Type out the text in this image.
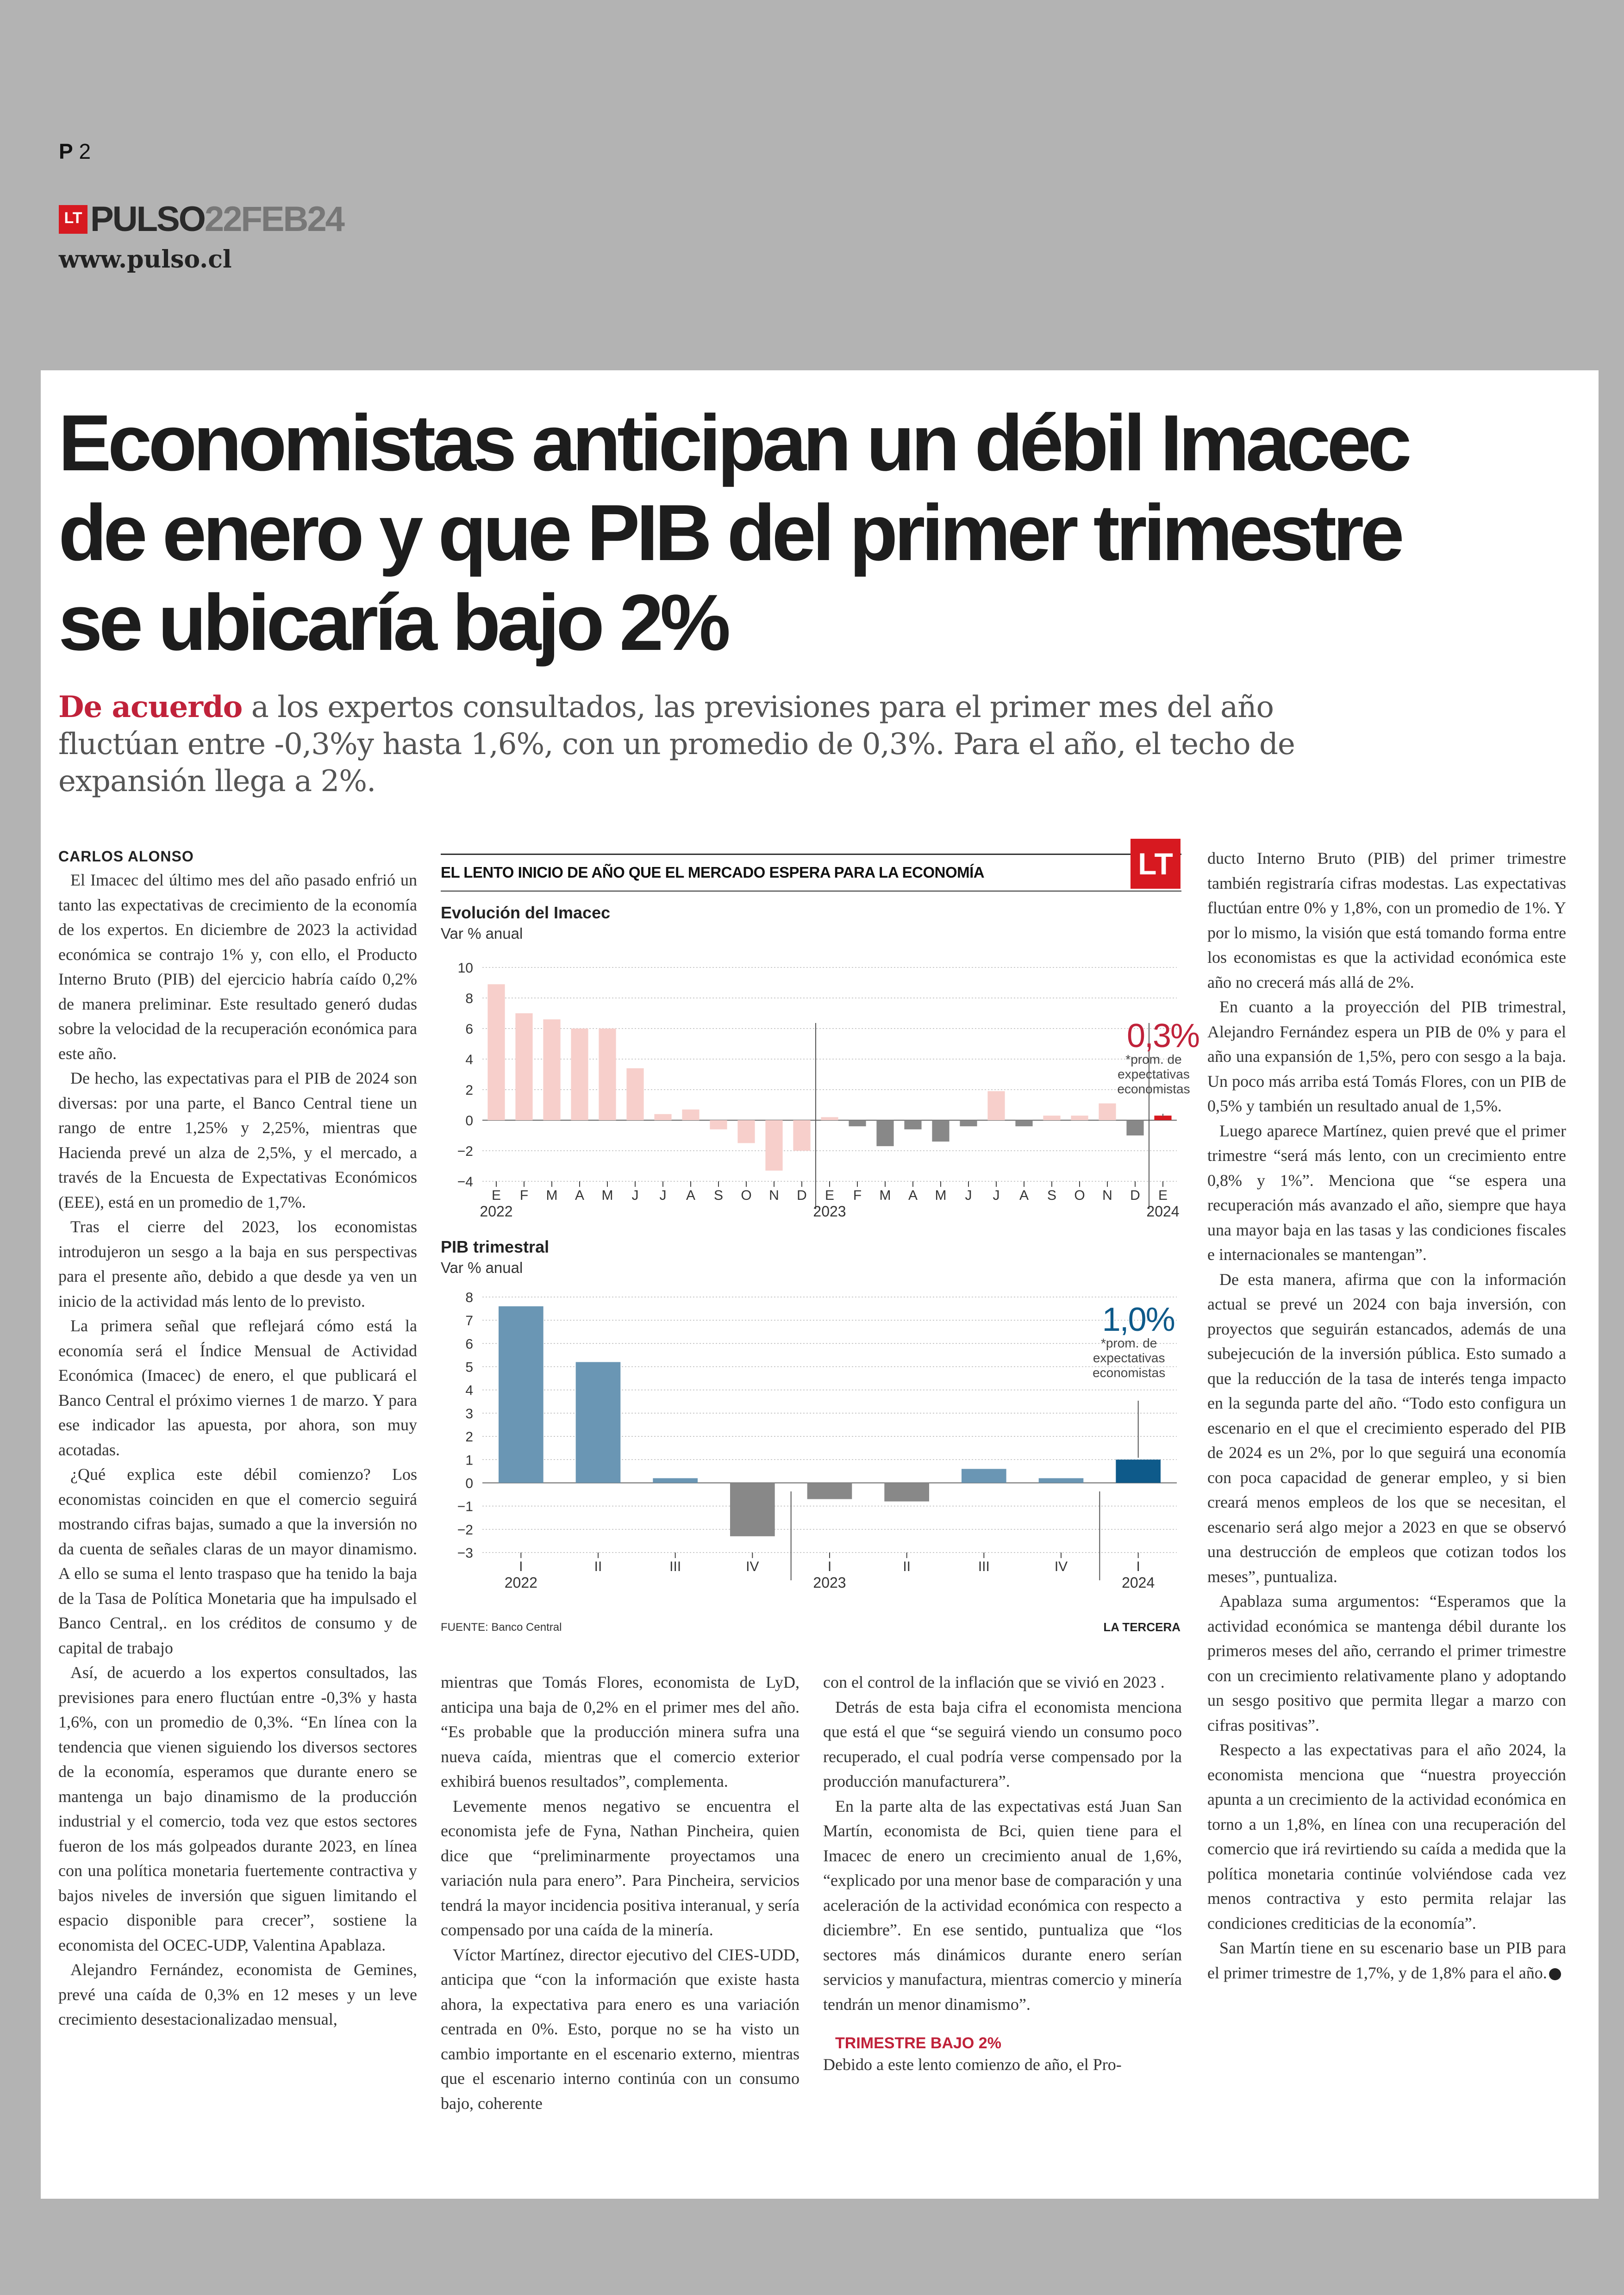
P 2
LT PULSO 22FEB24
www.pulso.cl
Economistas anticipan un débil Imacec de enero y que PIB del primer trimestre se ubicaría bajo 2%

De acuerdo a los expertos consultados, las previsiones para el primer mes del año fluctúan entre -0,3%y hasta 1,6%, con un promedio de 0,3%. Para el año, el techo de expansión llega a 2%.

CARLOS ALONSO

El Imacec del último mes del año pasado enfrió un tanto las expectativas de crecimiento de la economía de los expertos. En diciembre de 2023 la actividad económica se contrajo 1% y, con ello, el Producto Interno Bruto (PIB) del ejercicio habría caído 0,2% de manera preliminar. Este resultado generó dudas sobre la velocidad de la recuperación económica para este año.

De hecho, las expectativas para el PIB de 2024 son diversas: por una parte, el Banco Central tiene un rango de entre 1,25% y 2,25%, mientras que Hacienda prevé un alza de 2,5%, y el mercado, a través de la Encuesta de Expectativas Económicos (EEE), está en un promedio de 1,7%.

Tras el cierre del 2023, los economistas introdujeron un sesgo a la baja en sus perspectivas para el presente año, debido a que desde ya ven un inicio de la actividad más lento de lo previsto.

La primera señal que reflejará cómo está la economía será el Índice Mensual de Actividad Económica (Imacec) de enero, el que publicará el Banco Central el próximo viernes 1 de marzo. Y para ese indicador las apuesta, por ahora, son muy acotadas.

¿Qué explica este débil comienzo? Los economistas coinciden en que el comercio seguirá mostrando cifras bajas, sumado a que la inversión no da cuenta de señales claras de un mayor dinamismo. A ello se suma el lento traspaso que ha tenido la baja de la Tasa de Política Monetaria que ha impulsado el Banco Central,. en los créditos de consumo y de capital de trabajo

Así, de acuerdo a los expertos consultados, las previsiones para enero fluctúan entre -0,3% y hasta 1,6%, con un promedio de 0,3%. “En línea con la tendencia que vienen siguiendo los diversos sectores de la economía, esperamos que durante enero se mantenga un bajo dinamismo de la producción industrial y el comercio, toda vez que estos sectores fueron de los más golpeados durante 2023, en línea con una política monetaria fuertemente contractiva y bajos niveles de inversión que siguen limitando el espacio disponible para crecer”, sostiene la economista del OCEC-UDP, Valentina Apablaza.

Alejandro Fernández, economista de Gemines, prevé una caída de 0,3% en 12 meses y un leve crecimiento desestacionalizadao mensual,

mientras que Tomás Flores, economista de LyD, anticipa una baja de 0,2% en el primer mes del año. “Es probable que la producción minera sufra una nueva caída, mientras que el comercio exterior exhibirá buenos resultados”, complementa.

Levemente menos negativo se encuentra el economista jefe de Fyna, Nathan Pincheira, quien dice que “preliminarmente proyectamos una variación nula para enero”. Para Pincheira, servicios tendrá la mayor incidencia positiva interanual, y sería compensado por una caída de la minería.

Víctor Martínez, director ejecutivo del CIES-UDD, anticipa que “con la información que existe hasta ahora, la expectativa para enero es una variación centrada en 0%. Esto, porque no se ha visto un cambio importante en el escenario externo, mientras que el escenario interno continúa con un consumo bajo, coherente

con el control de la inflación que se vivió en 2023 .

Detrás de esta baja cifra el economista menciona que está el que “se seguirá viendo un consumo poco recuperado, el cual podría verse compensado por la producción manufacturera”.

En la parte alta de las expectativas está Juan San Martín, economista de Bci, quien tiene para el Imacec de enero un crecimiento anual de 1,6%, “explicado por una menor base de comparación y una aceleración de la actividad económica con respecto a diciembre”. En ese sentido, puntualiza que “los sectores más dinámicos durante enero serían servicios y manufactura, mientras comercio y minería tendrán un menor dinamismo”.

TRIMESTRE BAJO 2%

Debido a este lento comienzo de año, el Pro-

ducto Interno Bruto (PIB) del primer trimestre también registraría cifras modestas. Las expectativas fluctúan entre 0% y 1,8%, con un promedio de 1%. Y por lo mismo, la visión que está tomando forma entre los economistas es que la actividad económica este año no crecerá más allá de 2%.

En cuanto a la proyección del PIB trimestral, Alejandro Fernández espera un PIB de 0% y para el año una expansión de 1,5%, pero con sesgo a la baja. Un poco más arriba está Tomás Flores, con un PIB de 0,5% y también un resultado anual de 1,5%.

Luego aparece Martínez, quien prevé que el primer trimestre “será más lento, con un crecimiento entre 0,8% y 1%”. Menciona que “se espera una recuperación más avanzado el año, siempre que haya una mayor baja en las tasas y las condiciones fiscales e internacionales se mantengan”.

De esta manera, afirma que con la información actual se prevé un 2024 con baja inversión, con proyectos que seguirán estancados, además de una subejecución de la inversión pública. Esto sumado a que la reducción de la tasa de interés tenga impacto en la segunda parte del año. “Todo esto configura un escenario en el que el crecimiento esperado del PIB de 2024 es un 2%, por lo que seguirá una economía con poca capacidad de generar empleo, y si bien creará menos empleos de los que se necesitan, el escenario será algo mejor a 2023 en que se observó una destrucción de empleos que cotizan todos los meses”, puntualiza.

Apablaza suma argumentos: “Esperamos que la actividad económica se mantenga débil durante los primeros meses del año, cerrando el primer trimestre con un crecimiento relativamente plano y adoptando un sesgo positivo que permita llegar a marzo con cifras positivas”.

Respecto a las expectativas para el año 2024, la economista menciona que “nuestra proyección apunta a un crecimiento de la actividad económica en torno a un 1,8%, en línea con una recuperación del comercio que irá revirtiendo su caída a medida que la política monetaria continúe volviéndose cada vez menos contractiva y esto permita relajar las condiciones crediticias de la economía”.

San Martín tiene en su escenario base un PIB para el primer trimestre de 1,7%, y de 1,8% para el año.

EL LENTO INICIO DE AÑO QUE EL MERCADO ESPERA PARA LA ECONOMÍA	LT
Evolución del Imacec
Var % anual
10
8
6
4
2
0
−2
−4
E F M A M J J A S O N D E F M A M J J A S O N D E
2022	2023	2024
0,3%
*prom. de
expectativas
economistas
PIB trimestral
Var % anual
8
7
6
5
4
3
2
1
0
−1
−2
−3
I	II	III	IV	I	II	III	IV	I
2022	2023	2024
1,0%
*prom. de
expectativas
economistas
FUENTE: Banco Central	LA TERCERA
